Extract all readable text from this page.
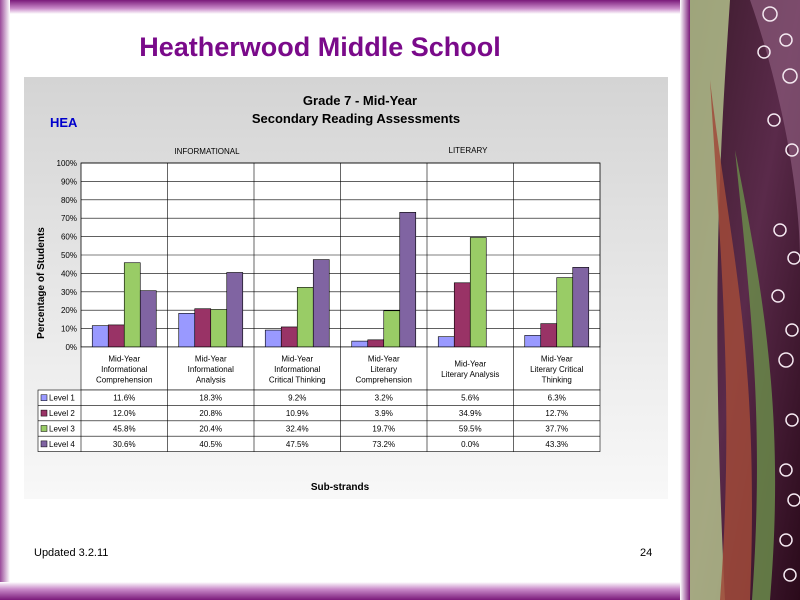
Heatherwood Middle School
HEA
Grade 7 - Mid-Year
Secondary Reading Assessments
INFORMATIONAL	LITERARY
Percentage of Students
Sub-strands
0%
10%
20%
30%
40%
50%
60%
70%
80%
90%
100%
Mid-Year
Informational
Comprehension
Mid-Year
Informational
Analysis
Mid-Year
Informational
Critical Thinking
Mid-Year
Literary
Comprehension
Mid-Year
Literary Analysis
Mid-Year
Literary Critical
Thinking
Level 1	11.6%	18.3%	9.2%	3.2%	5.6%	6.3%
Level 2	12.0%	20.8%	10.9%	3.9%	34.9%	12.7%
Level 3	45.8%	20.4%	32.4%	19.7%	59.5%	37.7%
Level 4	30.6%	40.5%	47.5%	73.2%	0.0%	43.3%
Updated 3.2.11	24
